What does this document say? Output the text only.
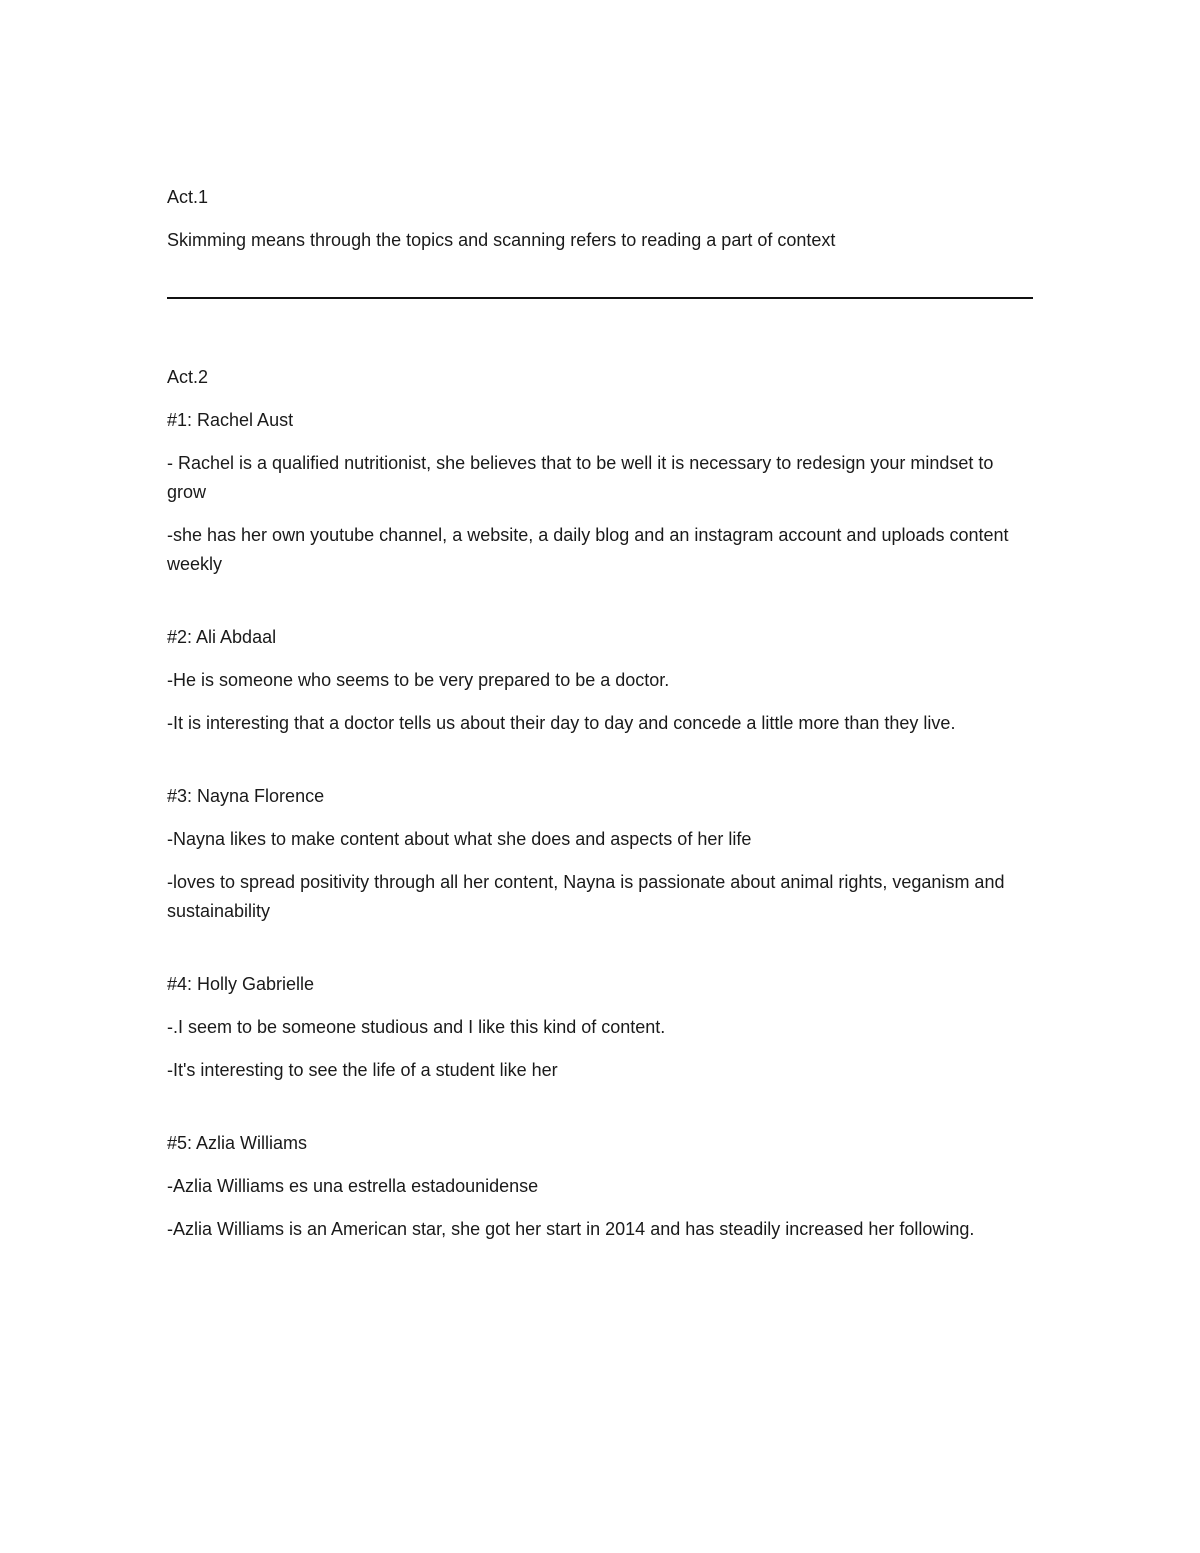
Act.1

Skimming means through the topics and scanning refers to reading a part of context

Act.2

#1: Rachel Aust

- Rachel is a qualified nutritionist, she believes that to be well it is necessary to redesign your mindset to grow

-she has her own youtube channel, a website, a daily blog and an instagram account and uploads content weekly

#2: Ali Abdaal

-He is someone who seems to be very prepared to be a doctor.

-It is interesting that a doctor tells us about their day to day and concede a little more than they live.

#3: Nayna Florence

-Nayna likes to make content about what she does and aspects of her life

-loves to spread positivity through all her content, Nayna is passionate about animal rights, veganism and sustainability

#4: Holly Gabrielle

-.I seem to be someone studious and I like this kind of content.

-It's interesting to see the life of a student like her

#5: Azlia Williams

-Azlia Williams es una estrella estadounidense

-Azlia Williams is an American star, she got her start in 2014 and has steadily increased her following.
